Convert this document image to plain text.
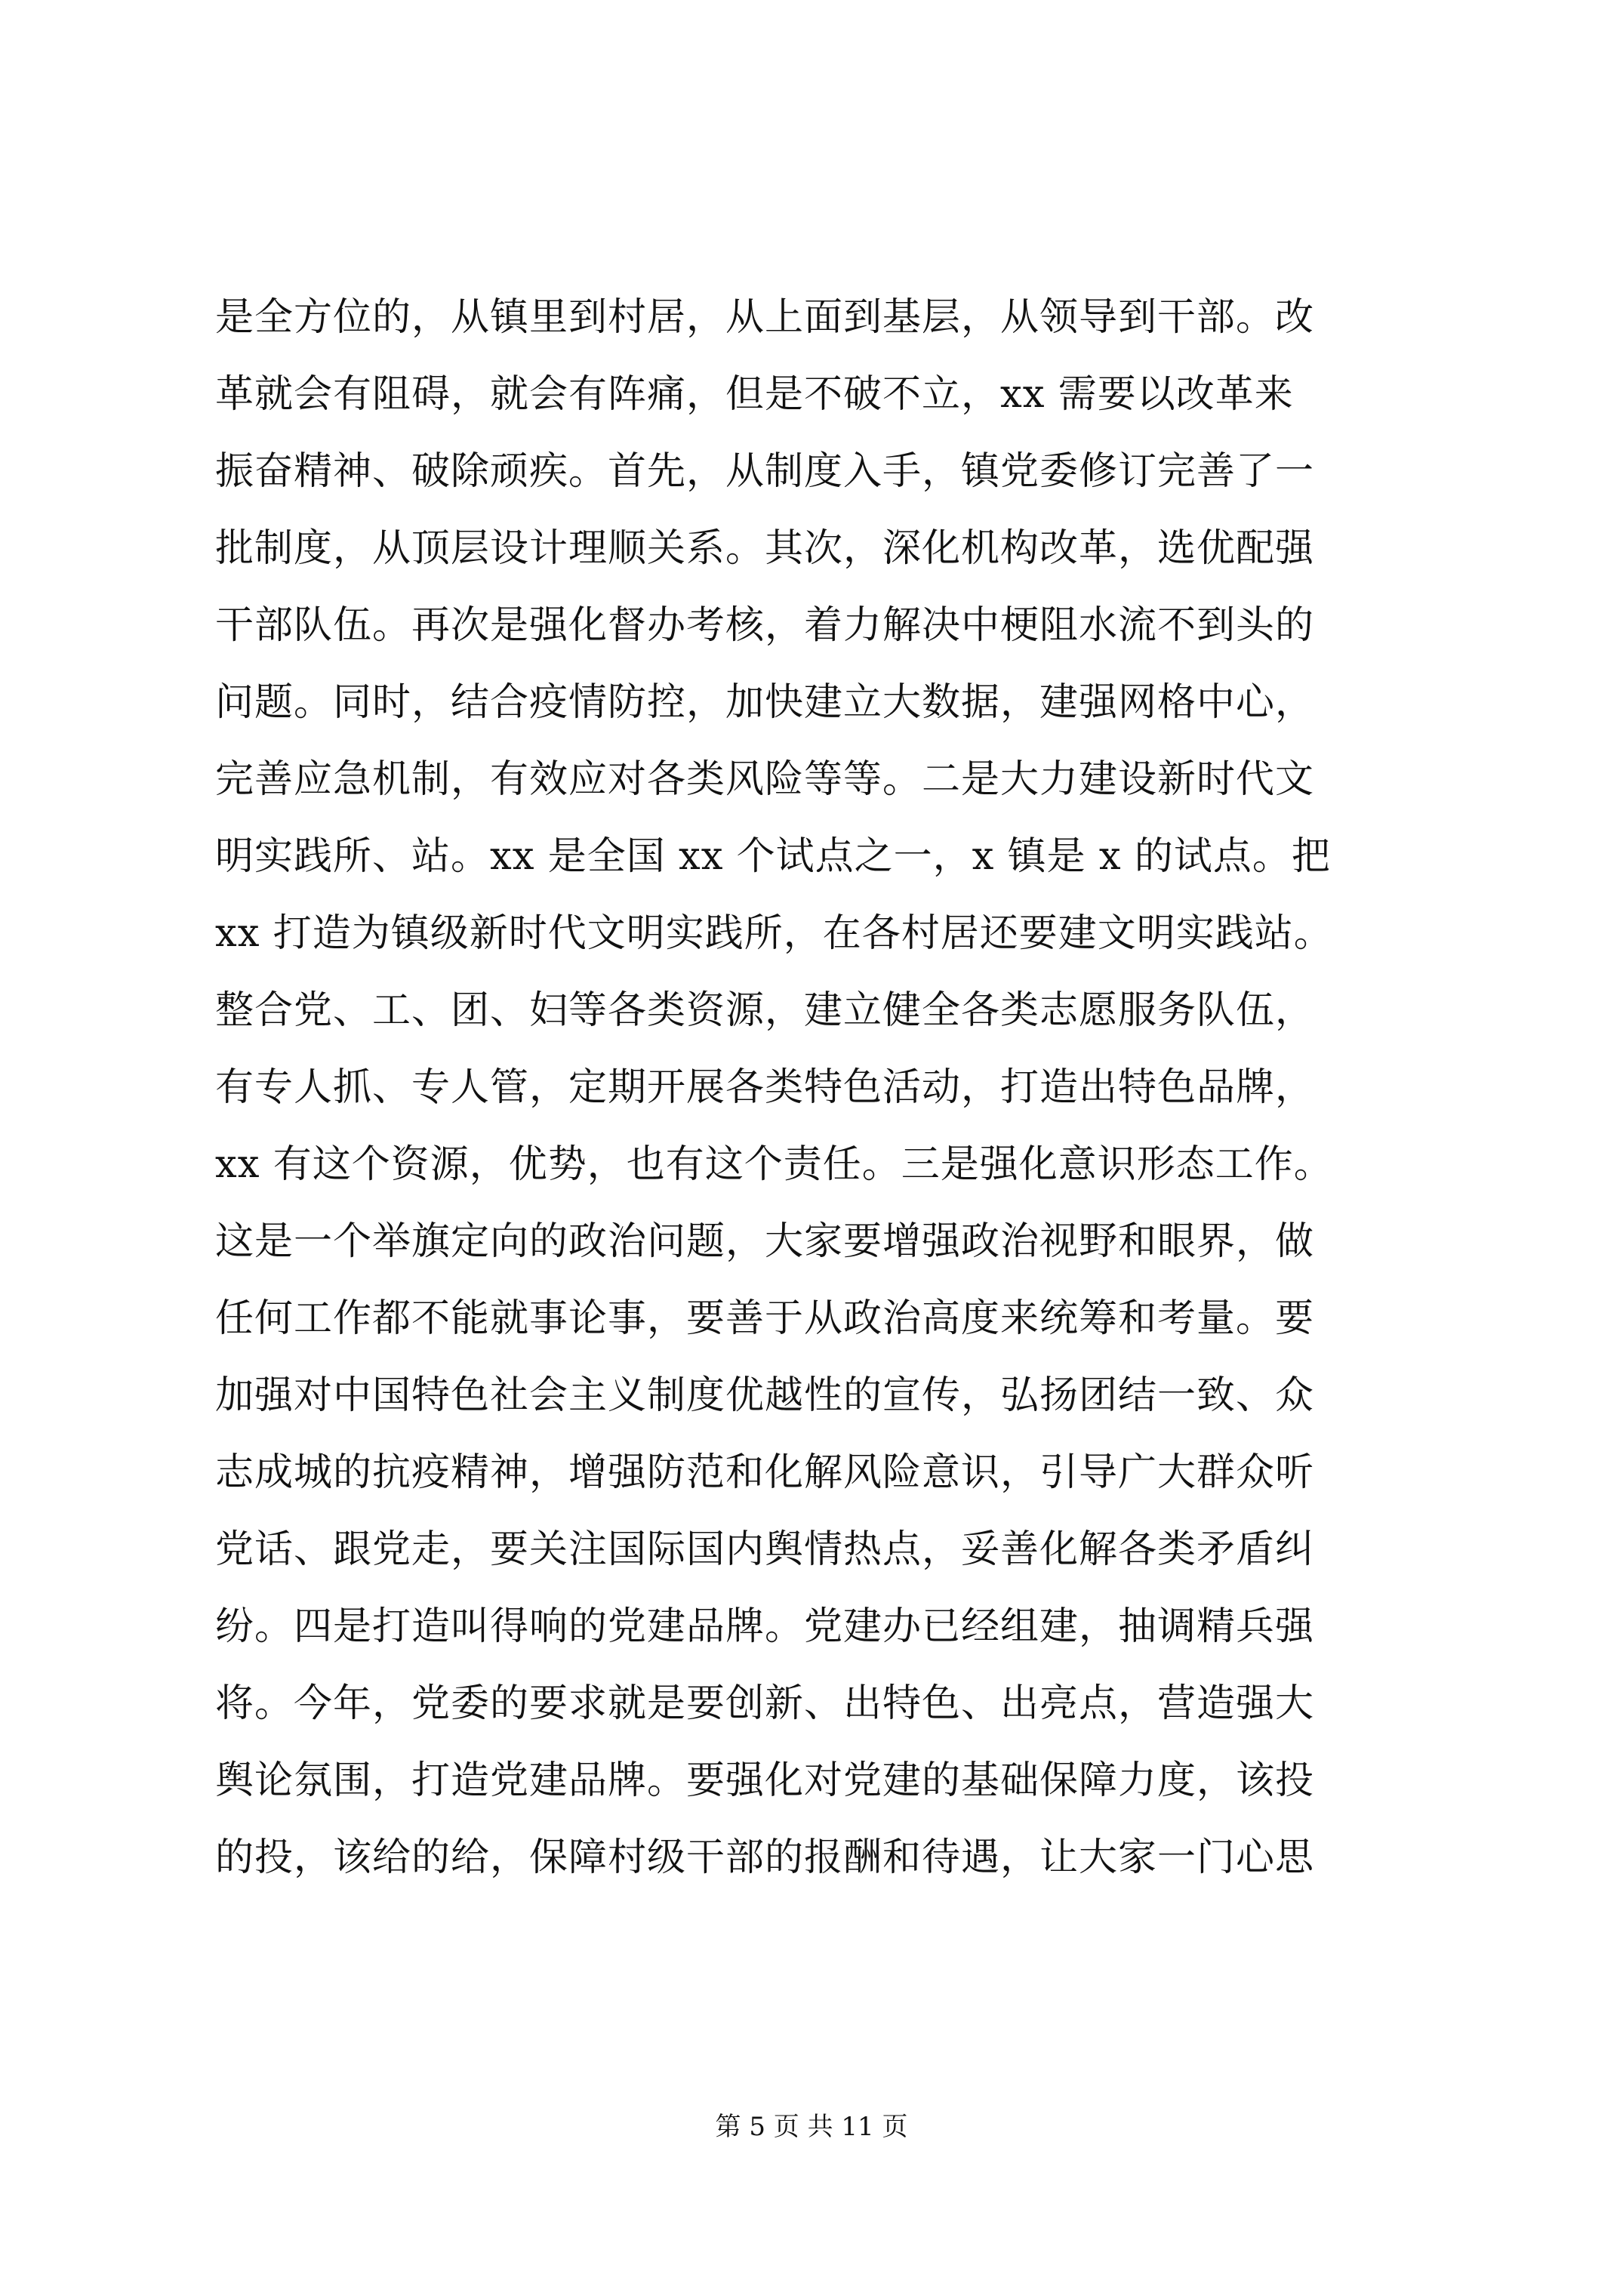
是全方位的，从镇里到村居，从上面到基层，从领导到干部。改
革就会有阻碍，就会有阵痛，但是不破不立，xx 需要以改革来
振奋精神、破除顽疾。首先，从制度入手，镇党委修订完善了一
批制度，从顶层设计理顺关系。其次，深化机构改革，选优配强
干部队伍。再次是强化督办考核，着力解决中梗阻水流不到头的
问题。同时，结合疫情防控，加快建立大数据，建强网格中心，
完善应急机制，有效应对各类风险等等。二是大力建设新时代文
明实践所、站。xx 是全国 xx 个试点之一，x 镇是 x 的试点。把
xx 打造为镇级新时代文明实践所，在各村居还要建文明实践站。
整合党、工、团、妇等各类资源，建立健全各类志愿服务队伍，
有专人抓、专人管，定期开展各类特色活动，打造出特色品牌，
xx 有这个资源，优势，也有这个责任。三是强化意识形态工作。
这是一个举旗定向的政治问题，大家要增强政治视野和眼界，做
任何工作都不能就事论事，要善于从政治高度来统筹和考量。要
加强对中国特色社会主义制度优越性的宣传，弘扬团结一致、众
志成城的抗疫精神，增强防范和化解风险意识，引导广大群众听
党话、跟党走，要关注国际国内舆情热点，妥善化解各类矛盾纠
纷。四是打造叫得响的党建品牌。党建办已经组建，抽调精兵强
将。今年，党委的要求就是要创新、出特色、出亮点，营造强大
舆论氛围，打造党建品牌。要强化对党建的基础保障力度，该投
的投，该给的给，保障村级干部的报酬和待遇，让大家一门心思
第 5 页 共 11 页
